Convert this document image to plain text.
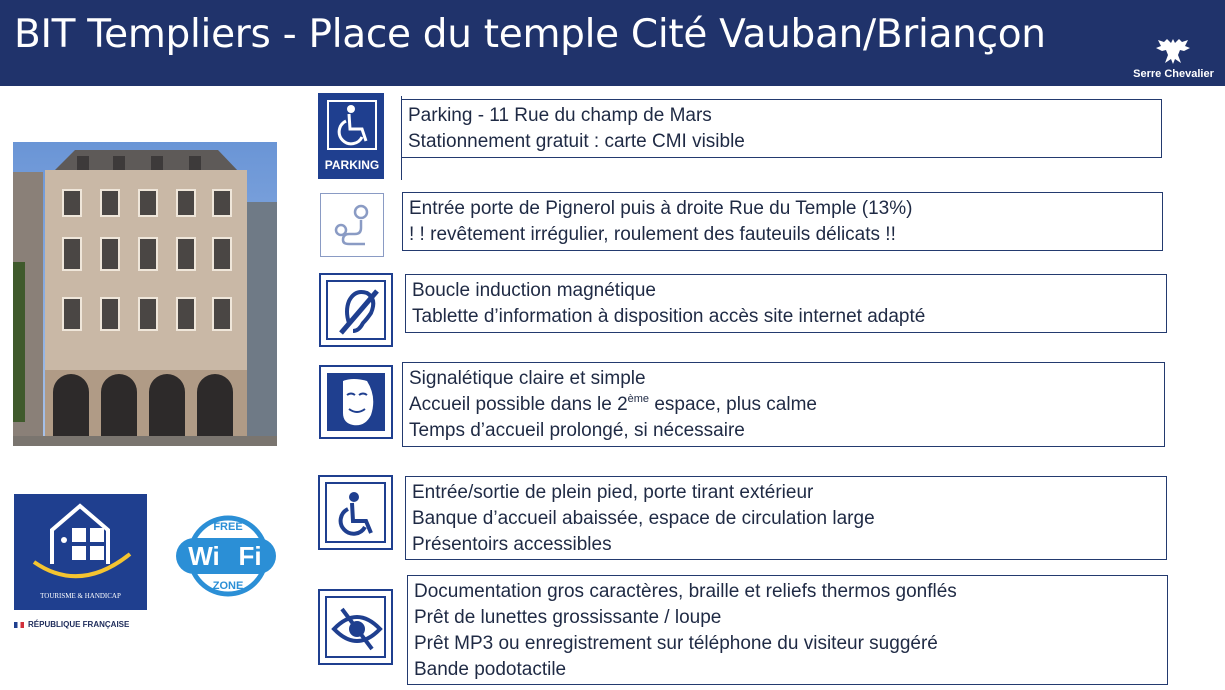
BIT Templiers - Place du temple Cité Vauban/Briançon
Serre Chevalier
TOURISME & HANDICAP
RÉPUBLIQUE FRANÇAISE
FREE
Wi Fi
ZONE
PARKING
Parking - 11 Rue du champ de Mars
Stationnement gratuit : carte CMI visible
Entrée porte de Pignerol puis à droite Rue du Temple (13%)
! ! revêtement irrégulier, roulement des fauteuils délicats !!
Boucle induction magnétique
Tablette d’information à disposition accès site internet adapté
Signalétique claire et simple
Accueil possible dans le 2ème espace, plus calme
Temps d’accueil prolongé, si nécessaire
Entrée/sortie de plein pied, porte tirant extérieur
Banque d’accueil abaissée, espace de circulation large
Présentoirs accessibles
Documentation gros caractères, braille et reliefs thermos gonflés
Prêt de lunettes grossissante / loupe
Prêt MP3 ou enregistrement sur téléphone du visiteur suggéré
Bande podotactile
